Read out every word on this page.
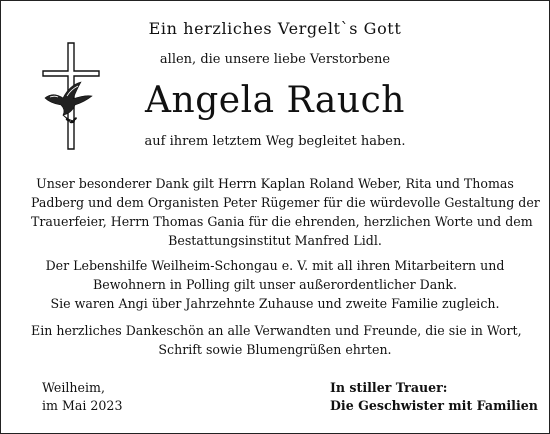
Ein herzliches Vergelt`s Gott
allen, die unsere liebe Verstorbene
Angela Rauch
auf ihrem letztem Weg begleitet haben.
Unser besonderer Dank gilt Herrn Kaplan Roland Weber, Rita und Thomas
Padberg und dem Organisten Peter Rügemer für die würdevolle Gestaltung der
Trauerfeier, Herrn Thomas Gania für die ehrenden, herzlichen Worte und dem
Bestattungsinstitut Manfred Lidl.
Der Lebenshilfe Weilheim-Schongau e. V. mit all ihren Mitarbeitern und
Bewohnern in Polling gilt unser außerordentlicher Dank.
Sie waren Angi über Jahrzehnte Zuhause und zweite Familie zugleich.
Ein herzliches Dankeschön an alle Verwandten und Freunde, die sie in Wort,
Schrift sowie Blumengrüßen ehrten.
Weilheim,
im Mai 2023
In stiller Trauer:
Die Geschwister mit Familien
